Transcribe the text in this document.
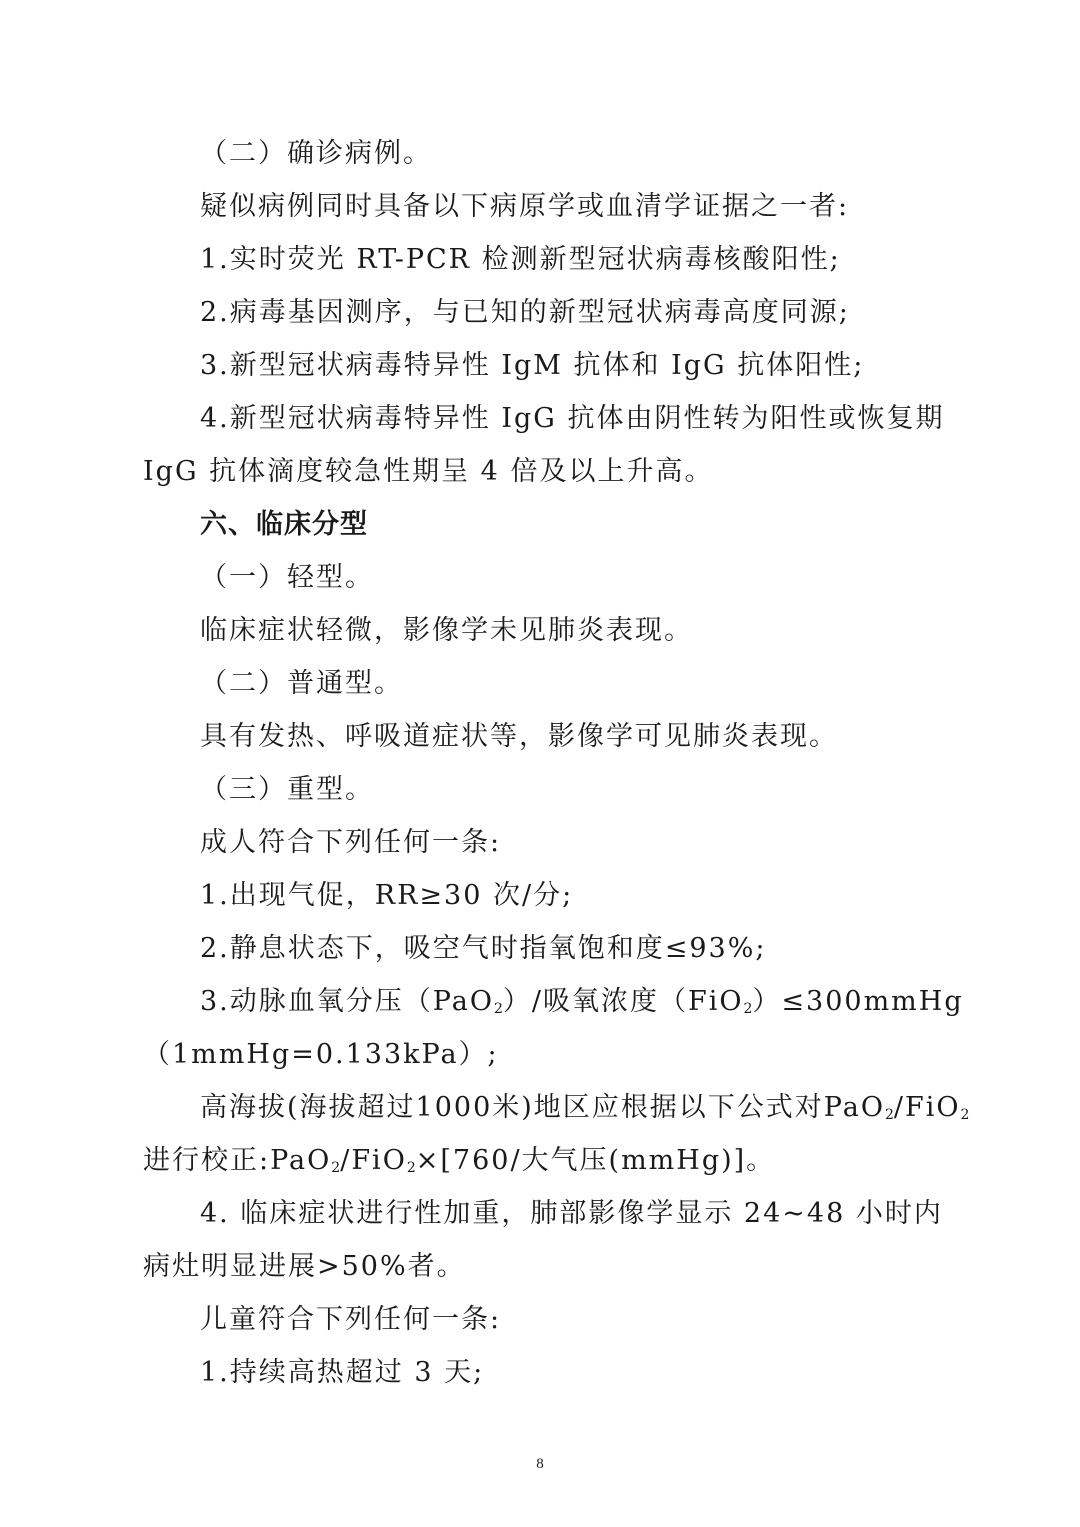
（二）确诊病例。
疑似病例同时具备以下病原学或血清学证据之一者:
1.实时荧光 RT-PCR 检测新型冠状病毒核酸阳性;
2.病毒基因测序，与已知的新型冠状病毒高度同源;
3.新型冠状病毒特异性 IgM 抗体和 IgG 抗体阳性;
4.新型冠状病毒特异性 IgG 抗体由阴性转为阳性或恢复期
IgG 抗体滴度较急性期呈 4 倍及以上升高。
六、临床分型
（一）轻型。
临床症状轻微，影像学未见肺炎表现。
（二）普通型。
具有发热、呼吸道症状等，影像学可见肺炎表现。
（三）重型。
成人符合下列任何一条:
1.出现气促，RR≥30 次/分;
2.静息状态下，吸空气时指氧饱和度≤93%;
3.动脉血氧分压（PaO$_2$）/吸氧浓度（FiO$_2$）≤300mmHg
（1mmHg=0.133kPa）;
高海拔(海拔超过1000米)地区应根据以下公式对PaO$_2$/FiO$_2$
进行校正:PaO$_2$/FiO$_2$×[760/大气压(mmHg)]。
4. 临床症状进行性加重，肺部影像学显示 24~48 小时内
病灶明显进展>50%者。
儿童符合下列任何一条:
1.持续高热超过 3 天;
8
